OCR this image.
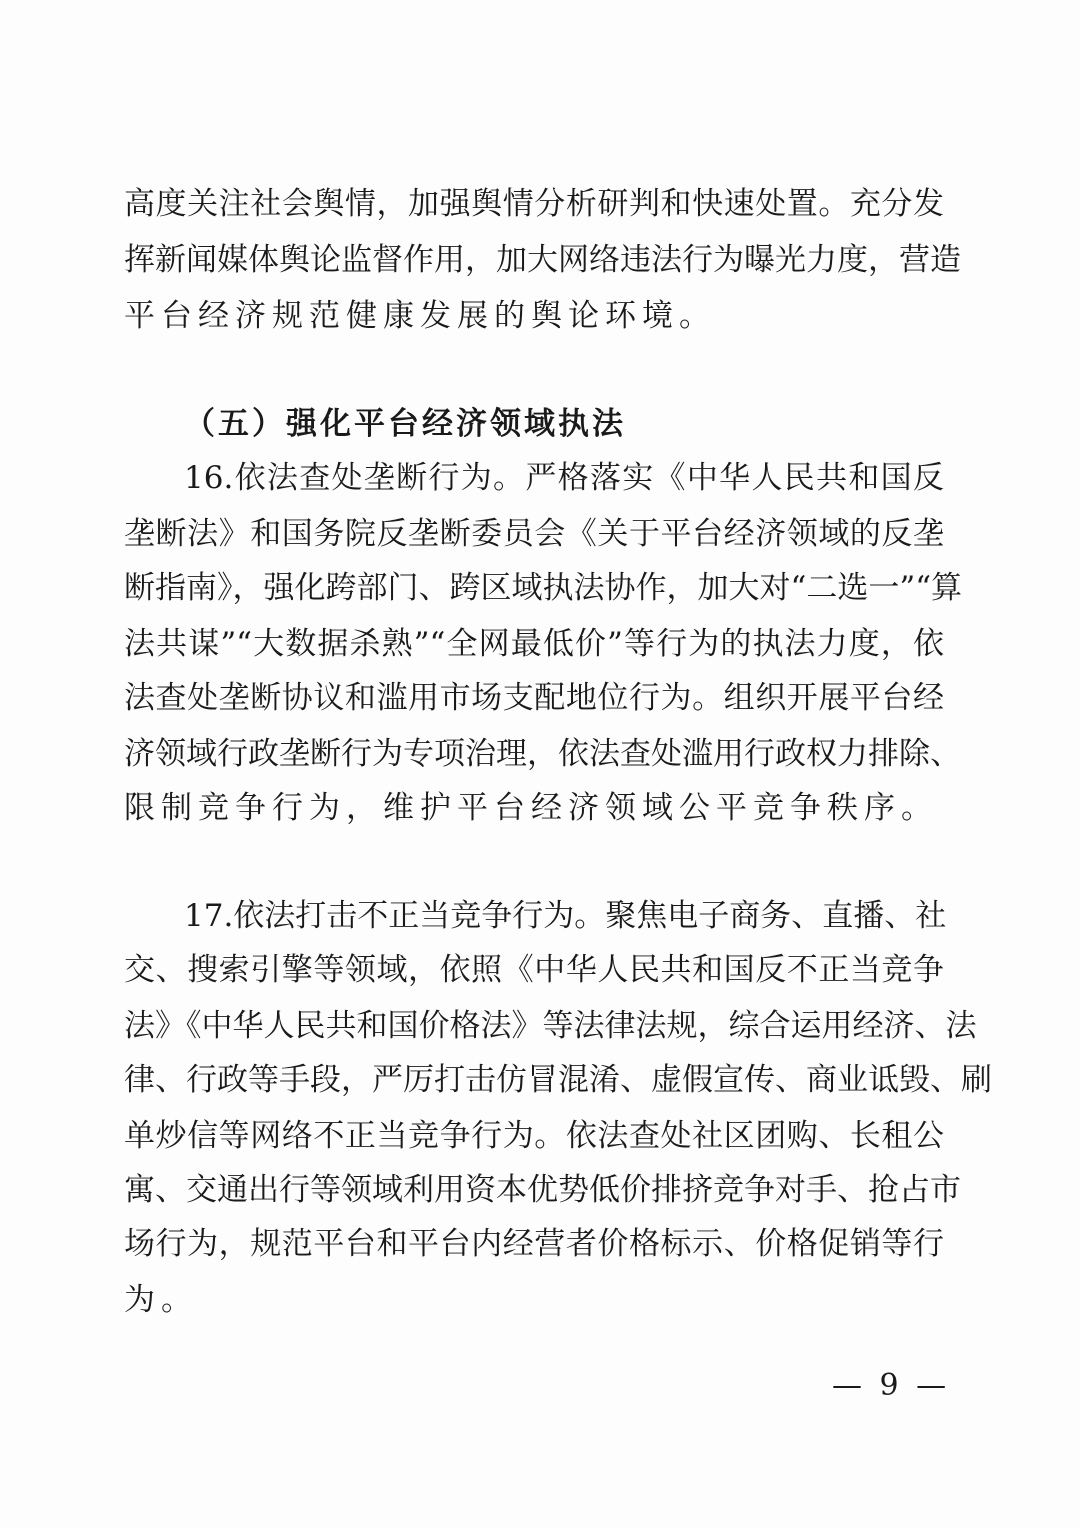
高度关注社会舆情，加强舆情分析研判和快速处置。充分发
挥新闻媒体舆论监督作用，加大网络违法行为曝光力度，营造
平台经济规范健康发展的舆论环境。
（五）强化平台经济领域执法
16.依法查处垄断行为。严格落实《中华人民共和国反
垄断法》和国务院反垄断委员会《关于平台经济领域的反垄
断指南》，强化跨部门、跨区域执法协作，加大对“二选一”“算
法共谋”“大数据杀熟”“全网最低价”等行为的执法力度，依
法查处垄断协议和滥用市场支配地位行为。组织开展平台经
济领域行政垄断行为专项治理，依法查处滥用行政权力排除、
限制竞争行为，维护平台经济领域公平竞争秩序。
17.依法打击不正当竞争行为。聚焦电子商务、直播、社
交、搜索引擎等领域，依照《中华人民共和国反不正当竞争
法》《中华人民共和国价格法》等法律法规，综合运用经济、法
律、行政等手段，严厉打击仿冒混淆、虚假宣传、商业诋毁、刷
单炒信等网络不正当竞争行为。依法查处社区团购、长租公
寓、交通出行等领域利用资本优势低价排挤竞争对手、抢占市
场行为，规范平台和平台内经营者价格标示、价格促销等行
为。
— 9 —
